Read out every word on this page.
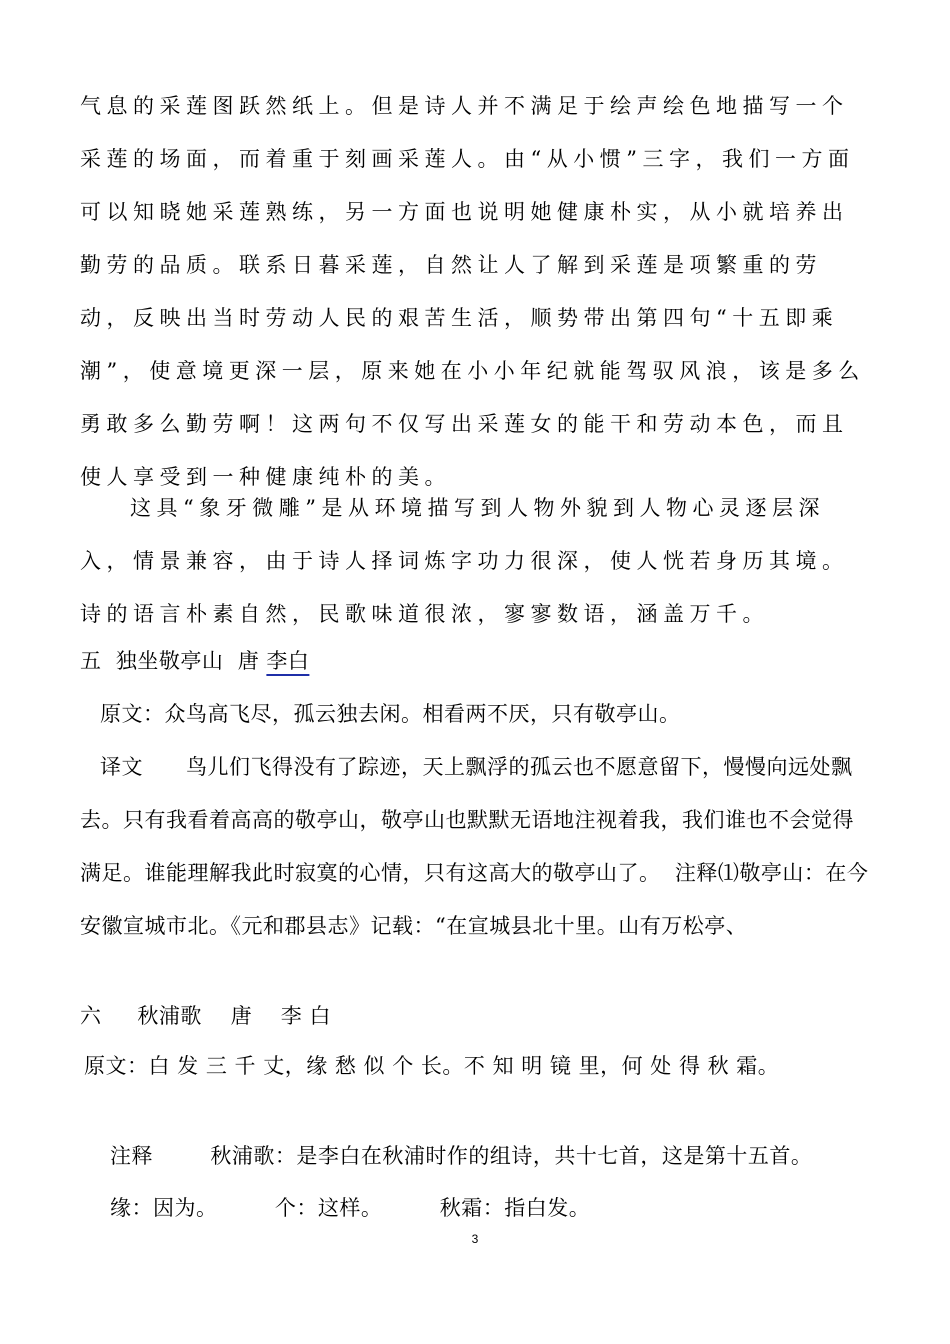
气息的采莲图跃然纸上。但是诗人并不满足于绘声绘色地描写一个采莲的场面，而着重于刻画采莲人。由“从小惯”三字，我们一方面可以知晓她采莲熟练，另一方面也说明她健康朴实，从小就培养出勤劳的品质。联系日暮采莲，自然让人了解到采莲是项繁重的劳动，反映出当时劳动人民的艰苦生活，顺势带出第四句“十五即乘潮”，使意境更深一层，原来她在小小年纪就能驾驭风浪，该是多么勇敢多么勤劳啊！这两句不仅写出采莲女的能干和劳动本色，而且使人享受到一种健康纯朴的美。

这具“象牙微雕”是从环境描写到人物外貌到人物心灵逐层深入，情景兼容，由于诗人择词炼字功力很深，使人恍若身历其境。诗的语言朴素自然，民歌味道很浓，寥寥数语，涵盖万千。

五  独坐敬亭山  唐 李白

原文：众鸟高飞尽，孤云独去闲。相看两不厌，只有敬亭山。

译文      鸟儿们飞得没有了踪迹，天上飘浮的孤云也不愿意留下，慢慢向远处飘去。只有我看着高高的敬亭山，敬亭山也默默无语地注视着我，我们谁也不会觉得满足。谁能理解我此时寂寞的心情，只有这高大的敬亭山了。  注释⑴敬亭山：在今安徽宣城市北。《元和郡县志》记载：“在宣城县北十里。山有万松亭、

六     秋浦歌    唐    李 白

原文：白 发 三 千 丈，缘 愁 似 个 长。不 知 明 镜 里，何 处 得 秋 霜。

注释        秋浦歌：是李白在秋浦时作的组诗，共十七首，这是第十五首。

缘：因为。        个：这样。        秋霜：指白发。

3
